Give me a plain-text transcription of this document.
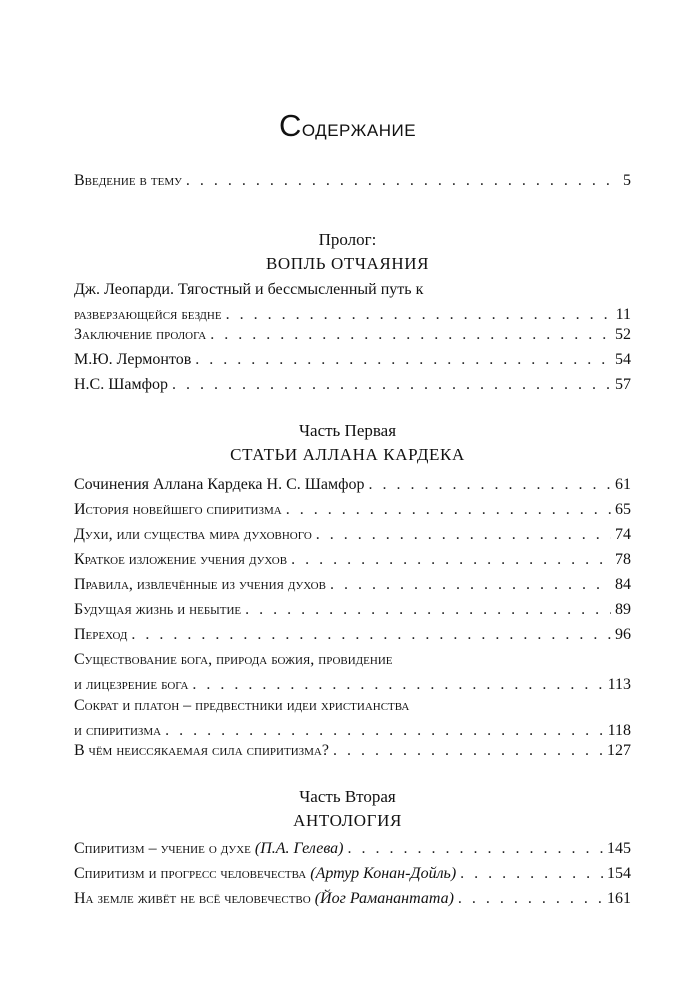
Содержание
Введение в тему . . .	5
Пролог:
ВОПЛЬ ОТЧАЯНИЯ
Дж. Леопарди. Тягостный и бессмысленный путь к
разверзающейся бездне . . .	11
Заключение пролога . . .	52
М.Ю. Лермонтов . . .	54
Н.С. Шамфор . . .	57
Часть Первая
СТАТЬИ АЛЛАНА КАРДЕКА
Сочинения Аллана Кардека Н. С. Шамфор . . .	61
История новейшего спиритизма . . .	65
Духи, или существа мира духовного . . .	74
Краткое изложение учения духов . . .	78
Правила, извлечённые из учения духов . . .	84
Будущая жизнь и небытие . . .	89
Переход . . .	96
Существование бога, природа божия, провидение
и лицезрение бога . . .	113
Сократ и платон – предвестники идеи христианства
и спиритизма . . .	118
В чём неиссякаемая сила спиритизма? . . .	127
Часть Вторая
АНТОЛОГИЯ
Спиритизм – учение о духе (П.А. Гелева) . . .	145
Спиритизм и прогресс человечества (Артур Конан-Дойль) . . .	154
На земле живёт не всё человечество (Йог Раманантата) . . .	161
